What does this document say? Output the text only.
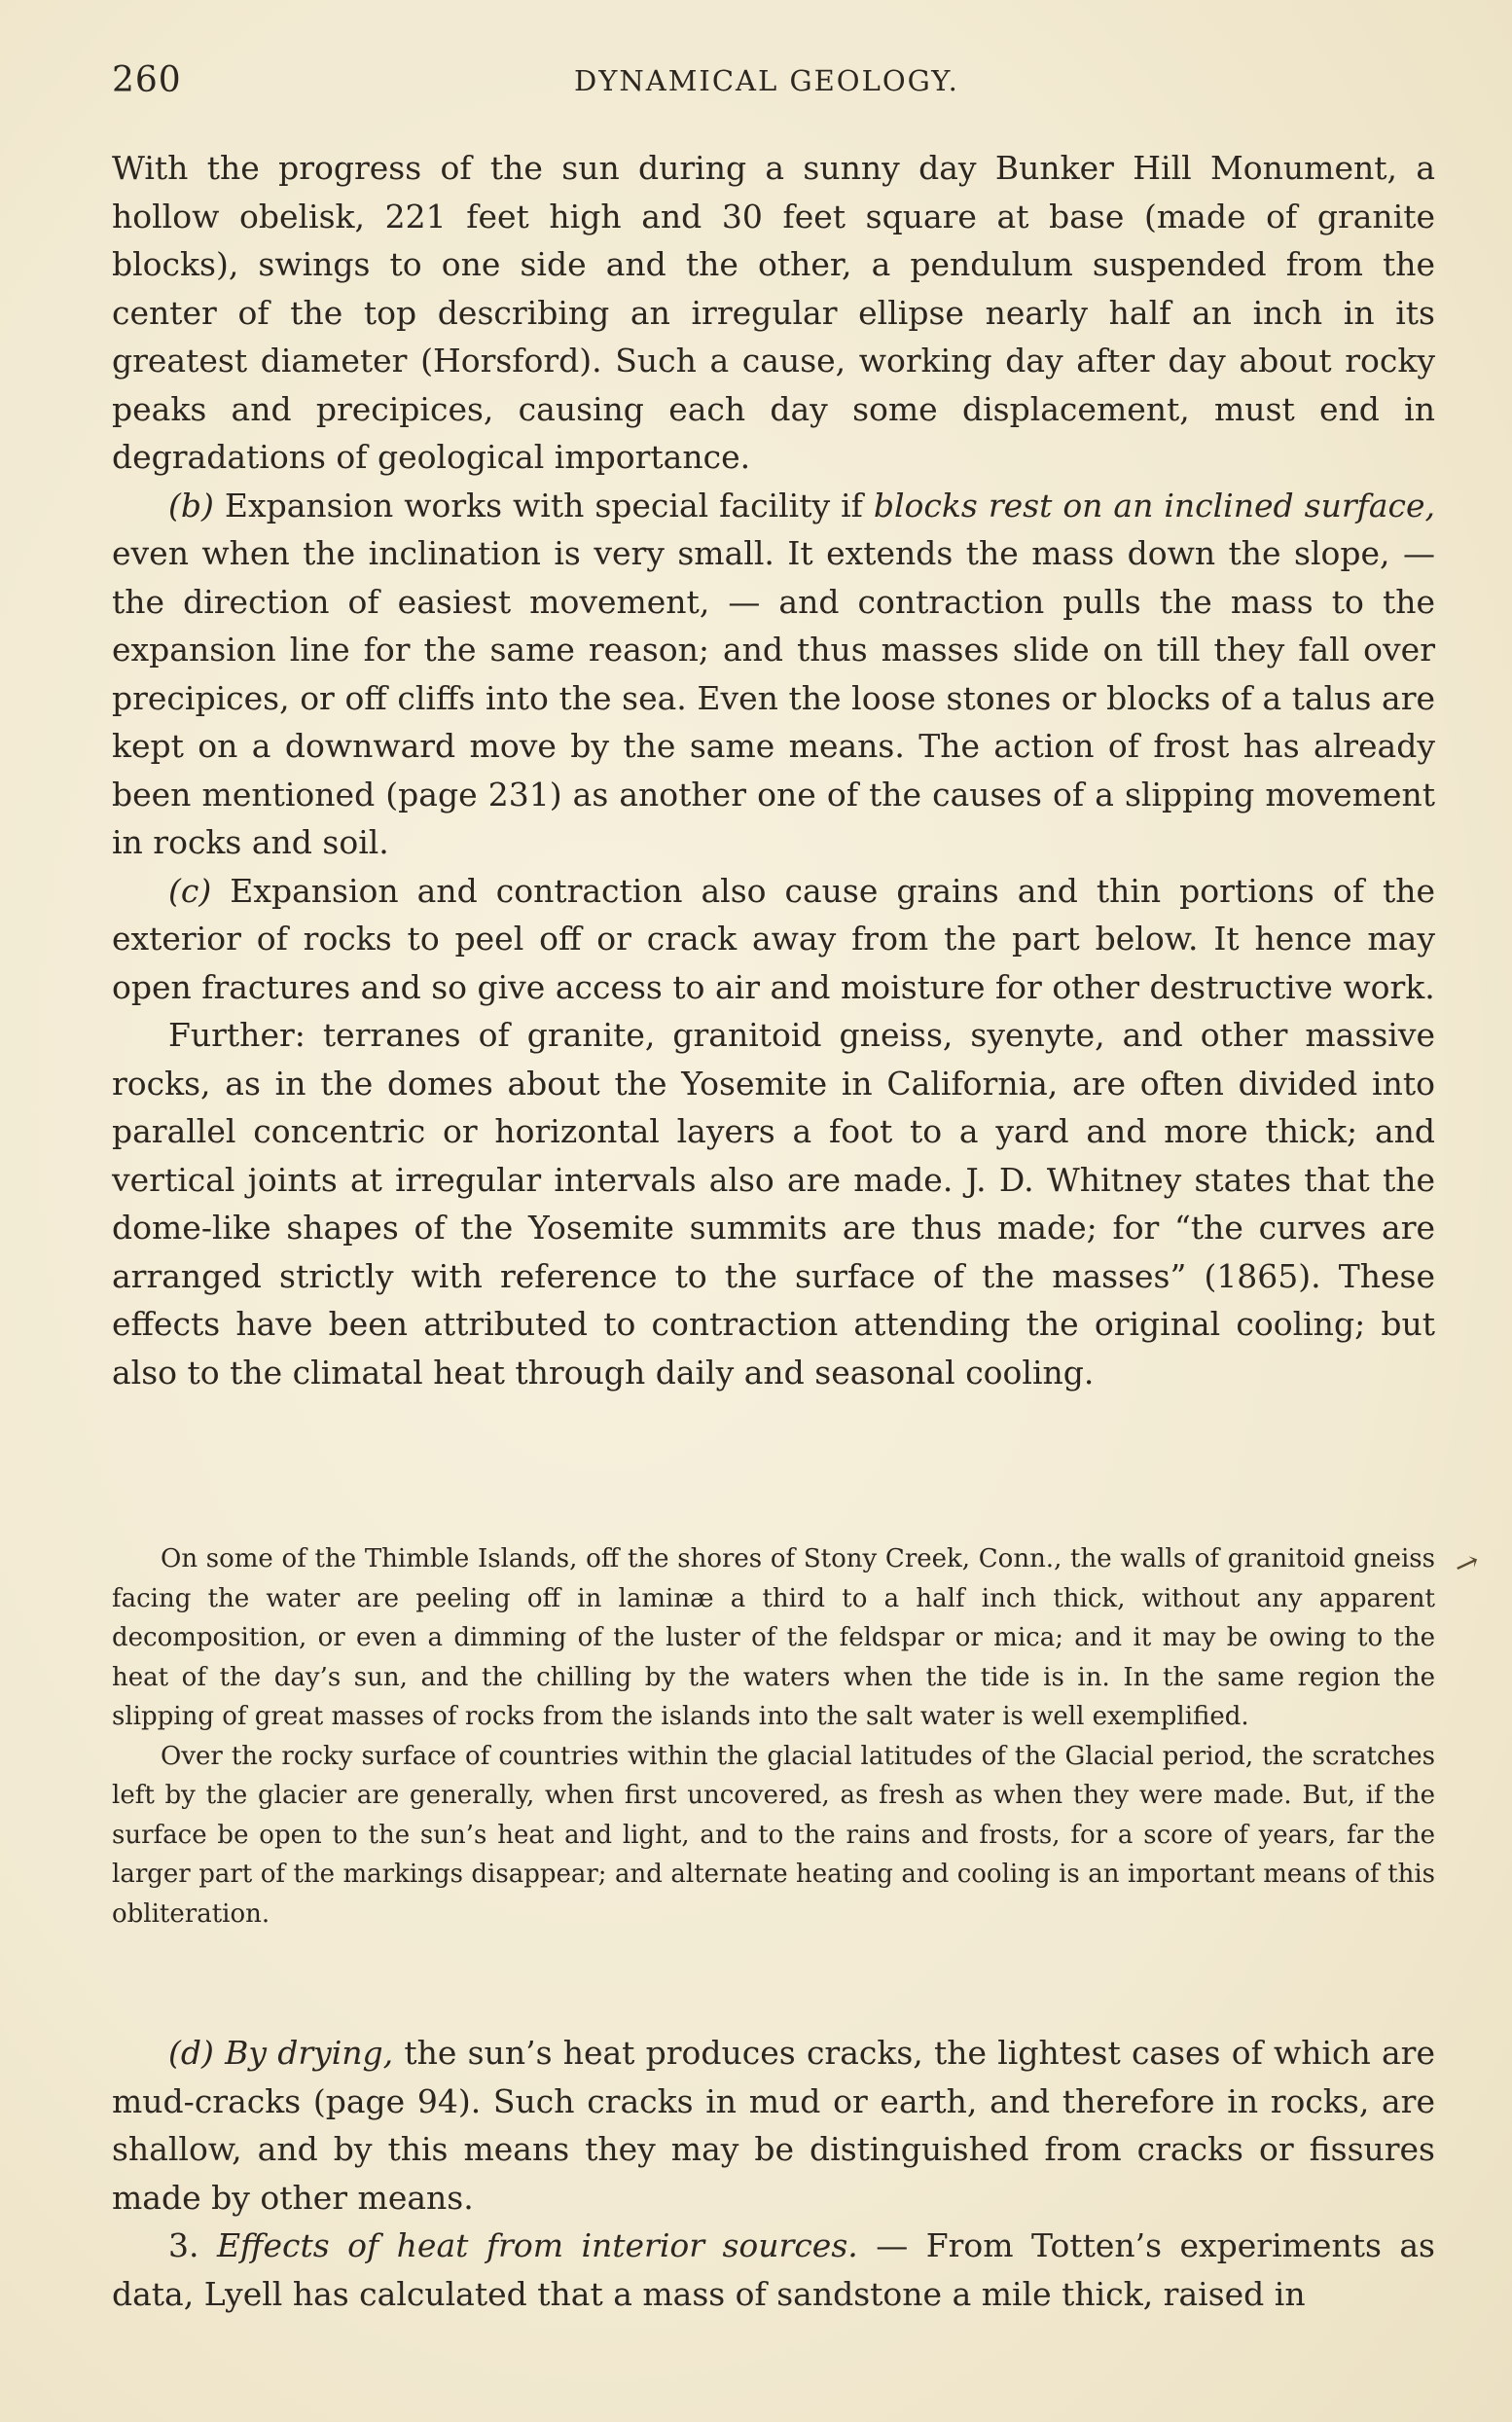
260	DYNAMICAL GEOLOGY.

With the progress of the sun during a sunny day Bunker Hill Monument, a hollow obelisk, 221 feet high and 30 feet square at base (made of granite blocks), swings to one side and the other, a pendulum suspended from the center of the top describing an irregular ellipse nearly half an inch in its greatest diameter (Horsford). Such a cause, working day after day about rocky peaks and precipices, causing each day some displacement, must end in degradations of geological importance.

(b) Expansion works with special facility if blocks rest on an inclined surface, even when the inclination is very small. It extends the mass down the slope, — the direction of easiest movement, — and contraction pulls the mass to the expansion line for the same reason; and thus masses slide on till they fall over precipices, or off cliffs into the sea. Even the loose stones or blocks of a talus are kept on a downward move by the same means. The action of frost has already been mentioned (page 231) as another one of the causes of a slipping movement in rocks and soil.

(c) Expansion and contraction also cause grains and thin portions of the exterior of rocks to peel off or crack away from the part below. It hence may open fractures and so give access to air and moisture for other destructive work.

Further: terranes of granite, granitoid gneiss, syenyte, and other massive rocks, as in the domes about the Yosemite in California, are often divided into parallel concentric or horizontal layers a foot to a yard and more thick; and vertical joints at irregular intervals also are made. J. D. Whitney states that the dome-like shapes of the Yosemite summits are thus made; for “the curves are arranged strictly with reference to the surface of the masses” (1865). These effects have been attributed to contraction attending the original cooling; but also to the climatal heat through daily and seasonal cooling.

On some of the Thimble Islands, off the shores of Stony Creek, Conn., the walls of granitoid gneiss facing the water are peeling off in laminæ a third to a half inch thick, without any apparent decomposition, or even a dimming of the luster of the feldspar or mica; and it may be owing to the heat of the day’s sun, and the chilling by the waters when the tide is in. In the same region the slipping of great masses of rocks from the islands into the salt water is well exemplified.

Over the rocky surface of countries within the glacial latitudes of the Glacial period, the scratches left by the glacier are generally, when first uncovered, as fresh as when they were made. But, if the surface be open to the sun’s heat and light, and to the rains and frosts, for a score of years, far the larger part of the markings disappear; and alternate heating and cooling is an important means of this obliteration.

↗

(d) By drying, the sun’s heat produces cracks, the lightest cases of which are mud-cracks (page 94). Such cracks in mud or earth, and therefore in rocks, are shallow, and by this means they may be distinguished from cracks or fissures made by other means.

3. Effects of heat from interior sources. — From Totten’s experiments as data, Lyell has calculated that a mass of sandstone a mile thick, raised in
